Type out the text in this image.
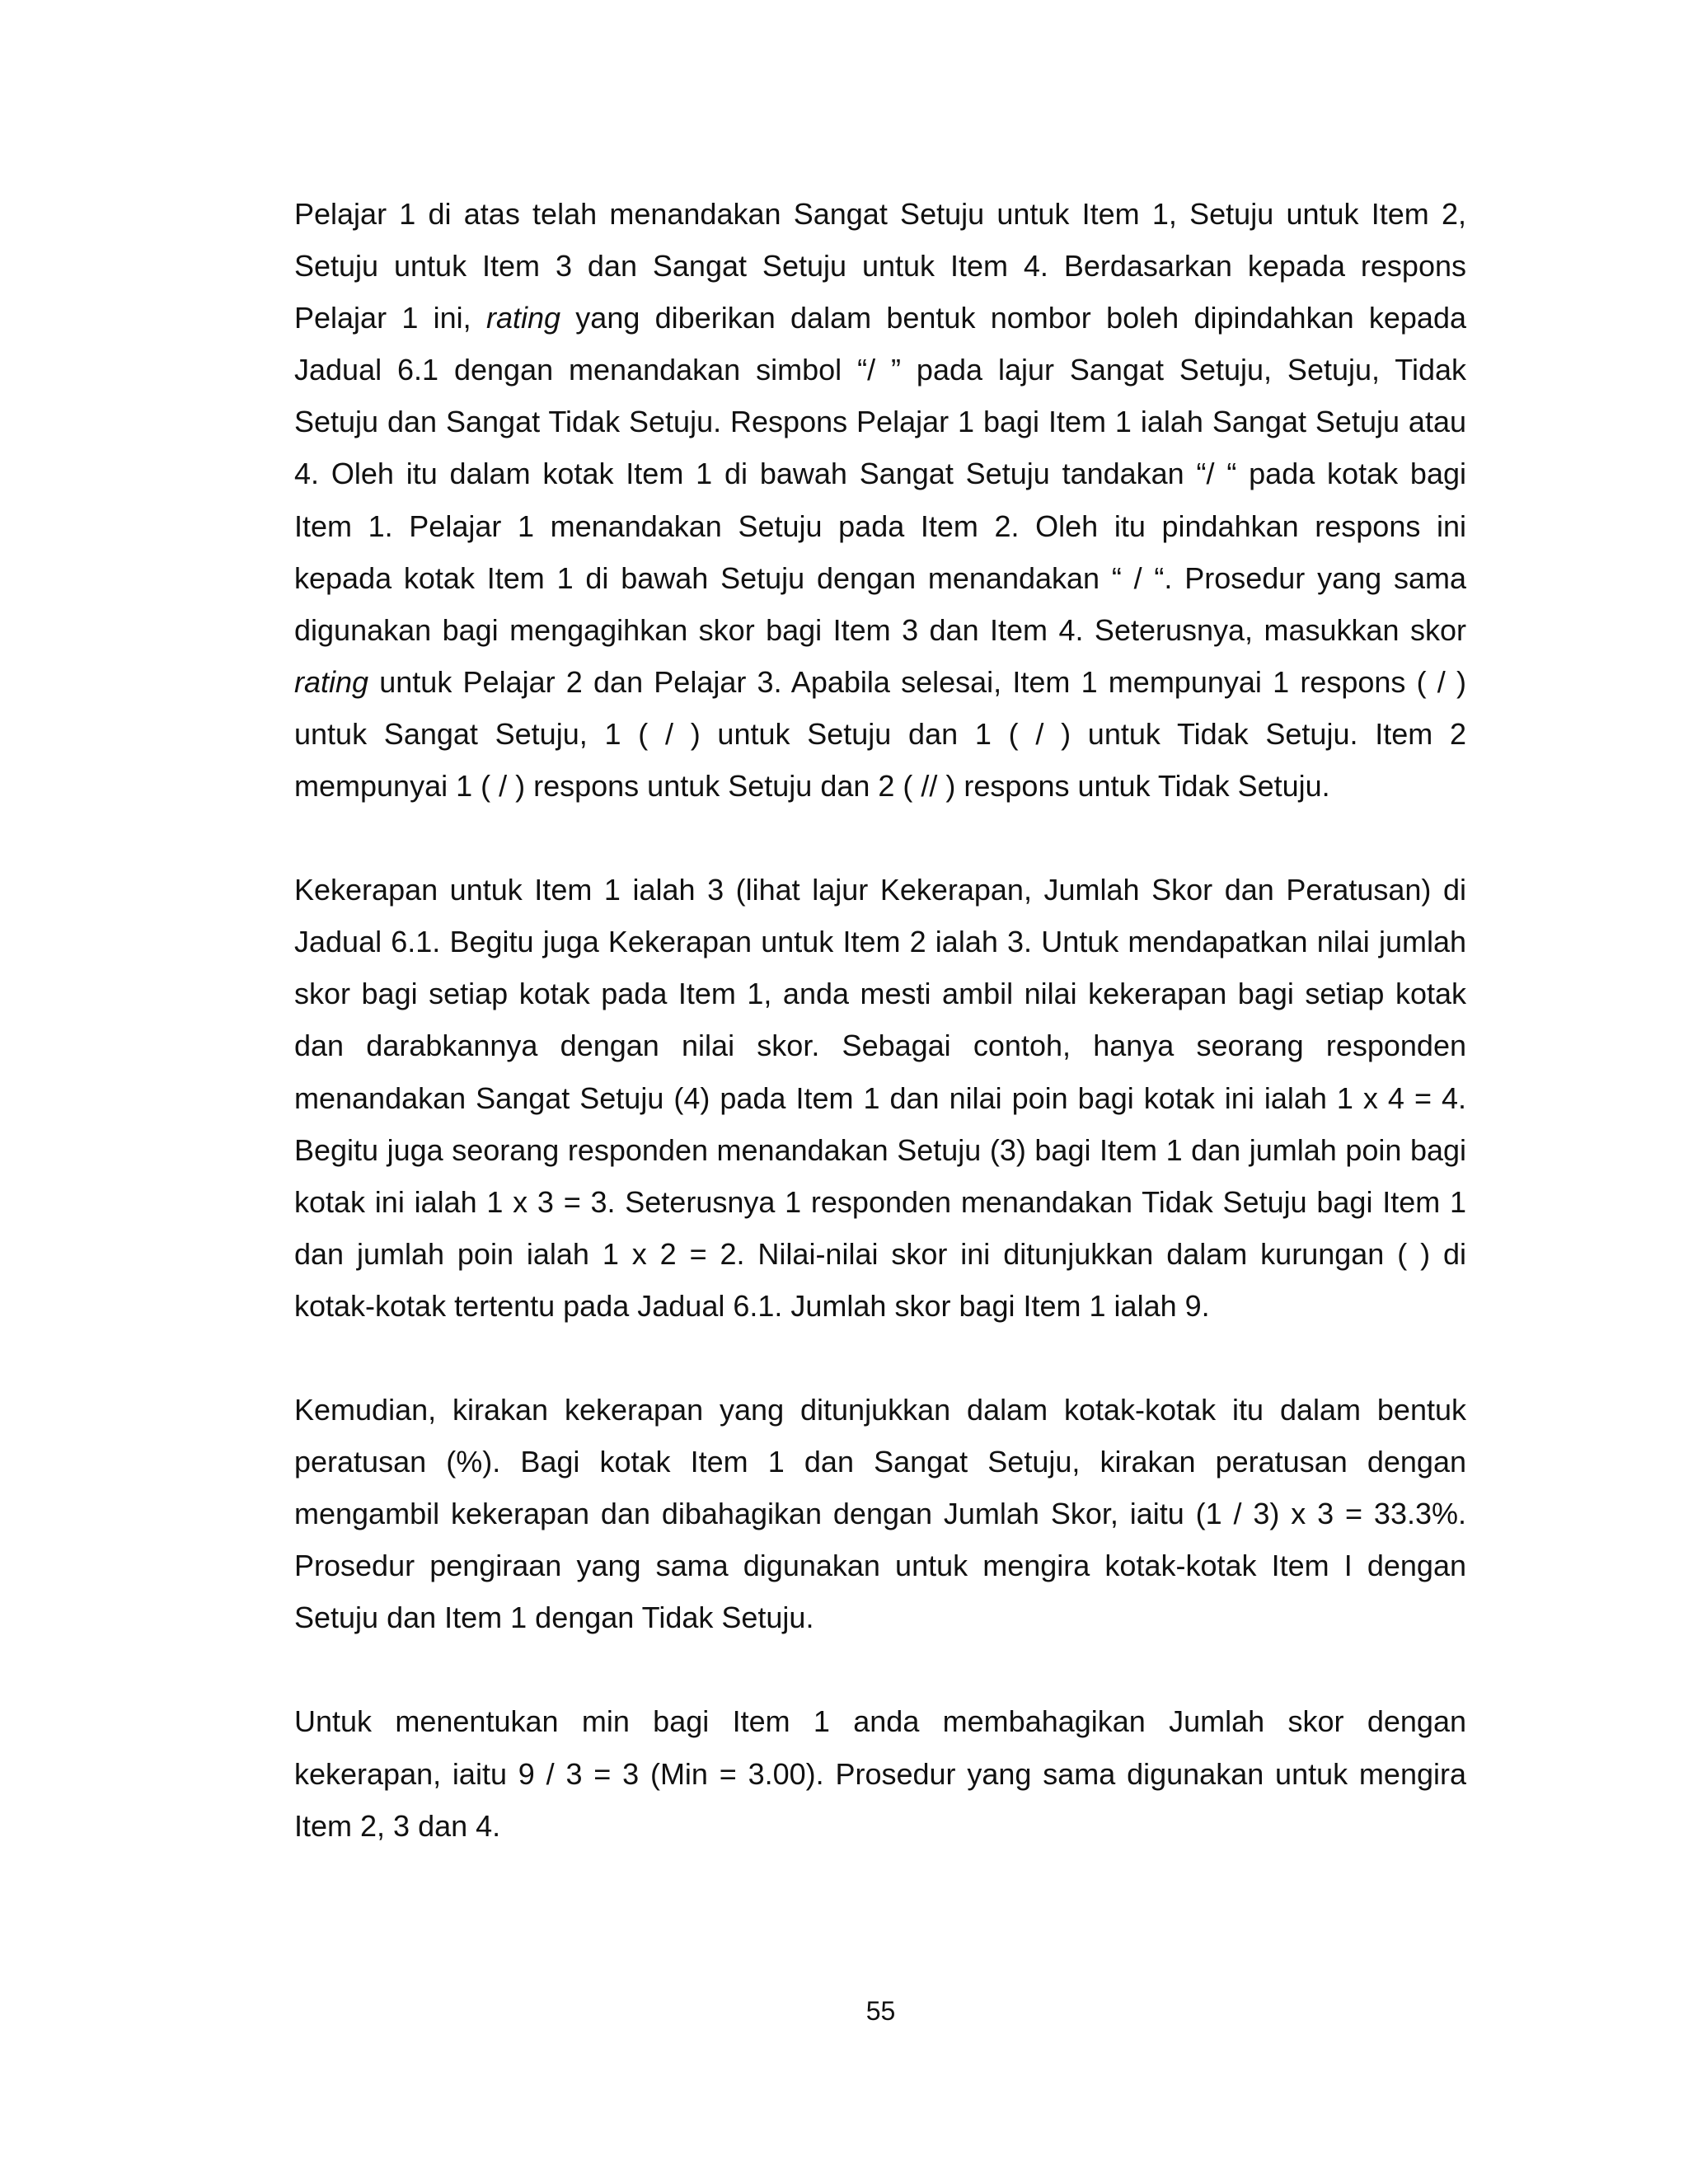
Pelajar 1 di atas telah menandakan Sangat Setuju untuk Item 1, Setuju untuk Item 2, Setuju untuk Item 3 dan Sangat Setuju untuk Item 4. Berdasarkan kepada respons Pelajar 1 ini, rating yang diberikan dalam bentuk nombor boleh dipindahkan kepada Jadual 6.1 dengan menandakan simbol “/ ” pada lajur Sangat Setuju, Setuju, Tidak Setuju dan Sangat Tidak Setuju. Respons Pelajar 1 bagi Item 1 ialah Sangat Setuju atau 4. Oleh itu dalam kotak Item 1 di bawah Sangat Setuju tandakan “/ “ pada kotak bagi Item 1. Pelajar 1 menandakan Setuju pada Item 2. Oleh itu pindahkan respons ini kepada kotak Item 1 di bawah Setuju dengan menandakan “ / “. Prosedur yang sama digunakan bagi mengagihkan skor bagi Item 3 dan Item 4. Seterusnya, masukkan skor rating untuk Pelajar 2 dan Pelajar 3. Apabila selesai, Item 1 mempunyai 1 respons ( / ) untuk Sangat Setuju, 1 ( / ) untuk Setuju dan 1 ( / ) untuk Tidak Setuju. Item 2 mempunyai 1 ( / ) respons untuk Setuju dan 2 ( // ) respons untuk Tidak Setuju.

Kekerapan untuk Item 1 ialah 3 (lihat lajur Kekerapan, Jumlah Skor dan Peratusan) di Jadual 6.1. Begitu juga Kekerapan untuk Item 2 ialah 3. Untuk mendapatkan nilai jumlah skor bagi setiap kotak pada Item 1, anda mesti ambil nilai kekerapan bagi setiap kotak dan darabkannya dengan nilai skor. Sebagai contoh, hanya seorang responden menandakan Sangat Setuju (4) pada Item 1 dan nilai poin bagi kotak ini ialah 1 x 4 = 4. Begitu juga seorang responden menandakan Setuju (3) bagi Item 1 dan jumlah poin bagi kotak ini ialah 1 x 3 = 3. Seterusnya 1 responden menandakan Tidak Setuju bagi Item 1 dan jumlah poin ialah 1 x 2 = 2. Nilai-nilai skor ini ditunjukkan dalam kurungan ( ) di kotak-kotak tertentu pada Jadual 6.1. Jumlah skor bagi Item 1 ialah 9.

Kemudian, kirakan kekerapan yang ditunjukkan dalam kotak-kotak itu dalam bentuk peratusan (%). Bagi kotak Item 1 dan Sangat Setuju, kirakan peratusan dengan mengambil kekerapan dan dibahagikan dengan Jumlah Skor, iaitu (1 / 3) x 3 = 33.3%. Prosedur pengiraan yang sama digunakan untuk mengira kotak-kotak Item I dengan Setuju dan Item 1 dengan Tidak Setuju.

Untuk menentukan min bagi Item 1 anda membahagikan Jumlah skor dengan kekerapan, iaitu 9 / 3 = 3 (Min = 3.00). Prosedur yang sama digunakan untuk mengira Item 2, 3 dan 4.

55
